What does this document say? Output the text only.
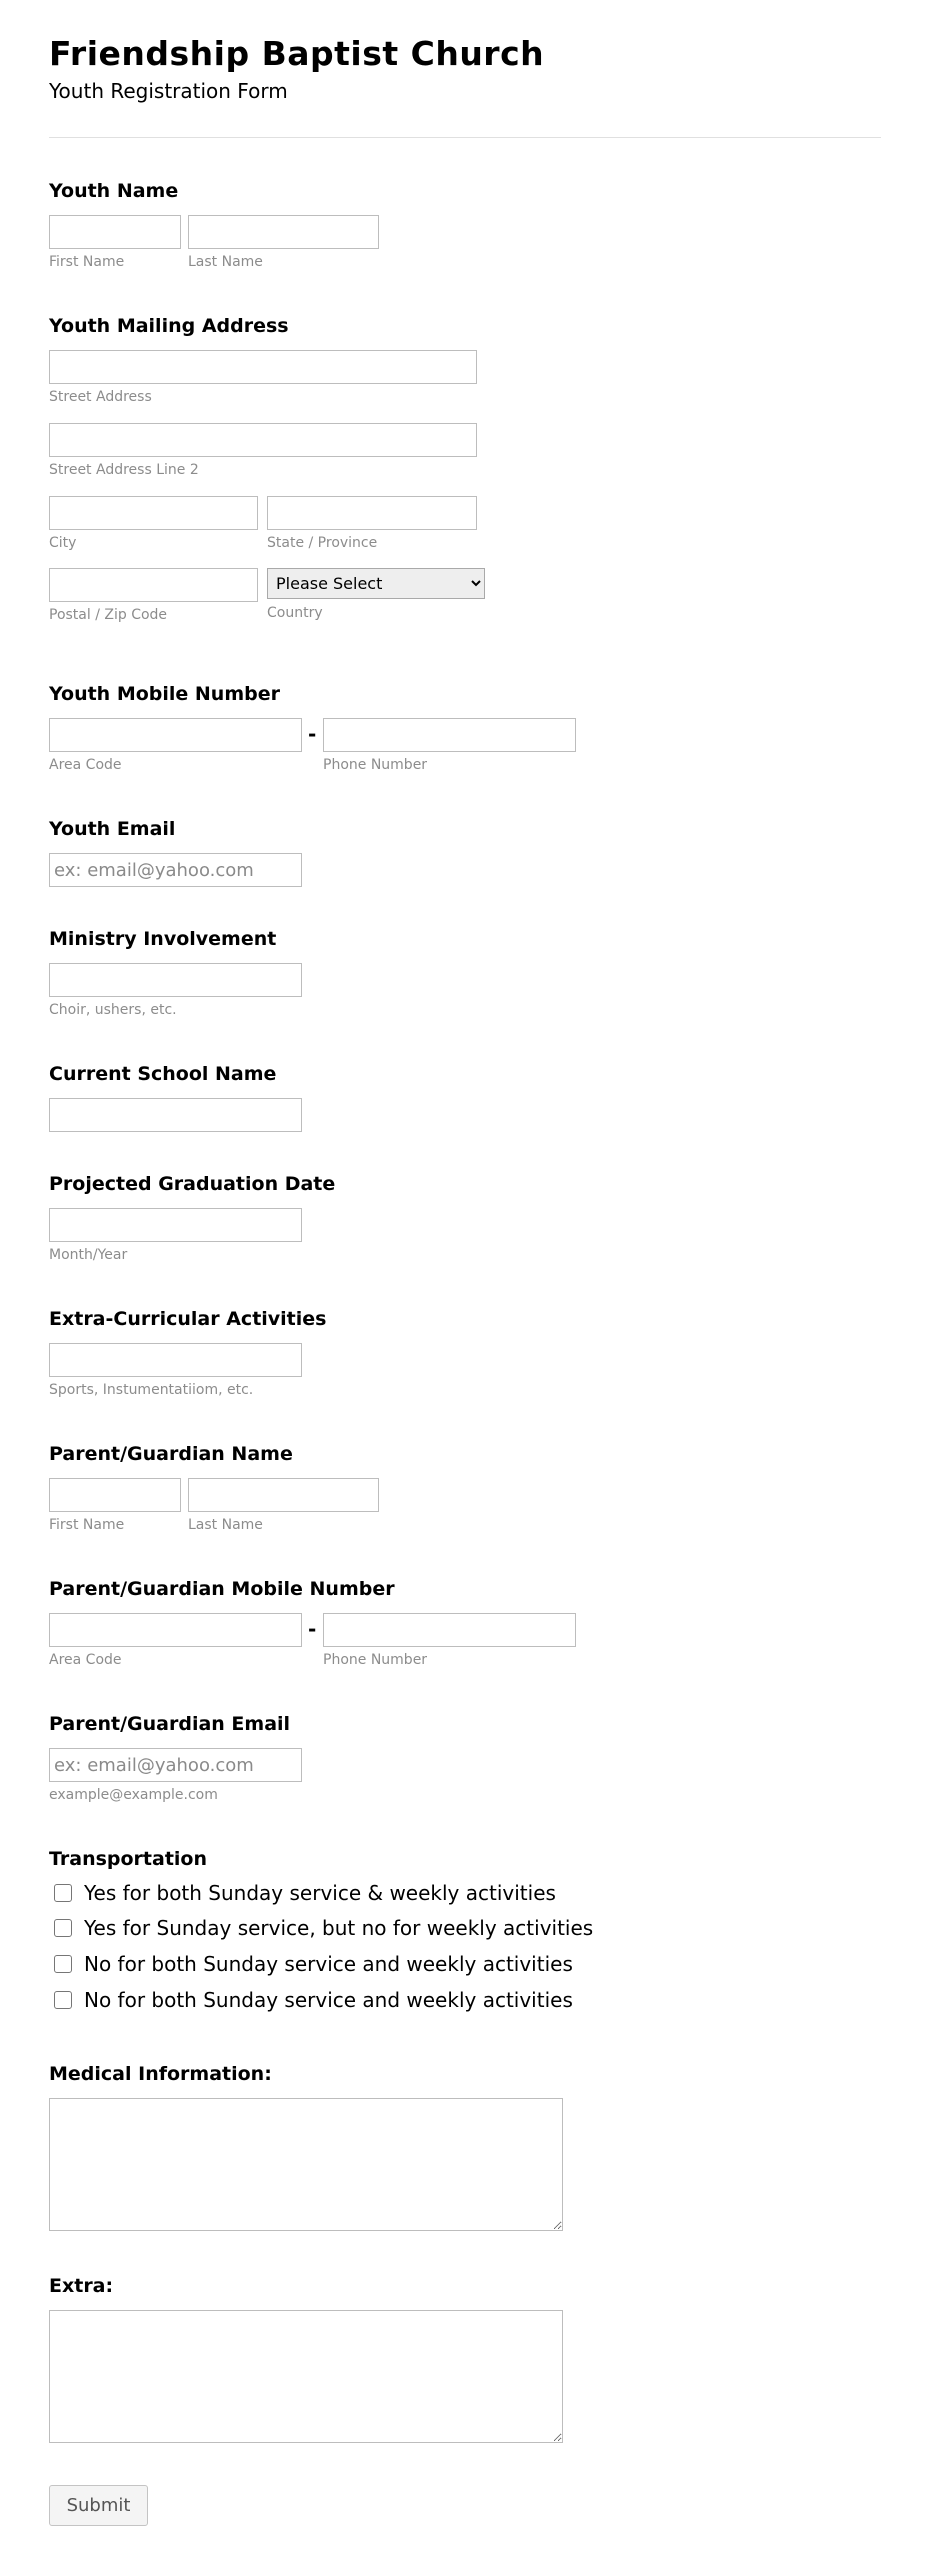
Friendship Baptist Church
Youth Registration Form
Youth Name
First Name	Last Name
Youth Mailing Address
Street Address
Street Address Line 2
City	State / Province
Please Select
Postal / Zip Code	Country
Youth Mobile Number
-
Area Code	Phone Number
Youth Email
ex: email@yahoo.com
Ministry Involvement
Choir, ushers, etc.
Current School Name
Projected Graduation Date
Month/Year
Extra-Curricular Activities
Sports, Instumentatiiom, etc.
Parent/Guardian Name
First Name	Last Name
Parent/Guardian Mobile Number
-
Area Code	Phone Number
Parent/Guardian Email
ex: email@yahoo.com
example@example.com
Transportation
Yes for both Sunday service & weekly activities
Yes for Sunday service, but no for weekly activities
No for both Sunday service and weekly activities
No for both Sunday service and weekly activities
Medical Information:
Extra:
Submit
